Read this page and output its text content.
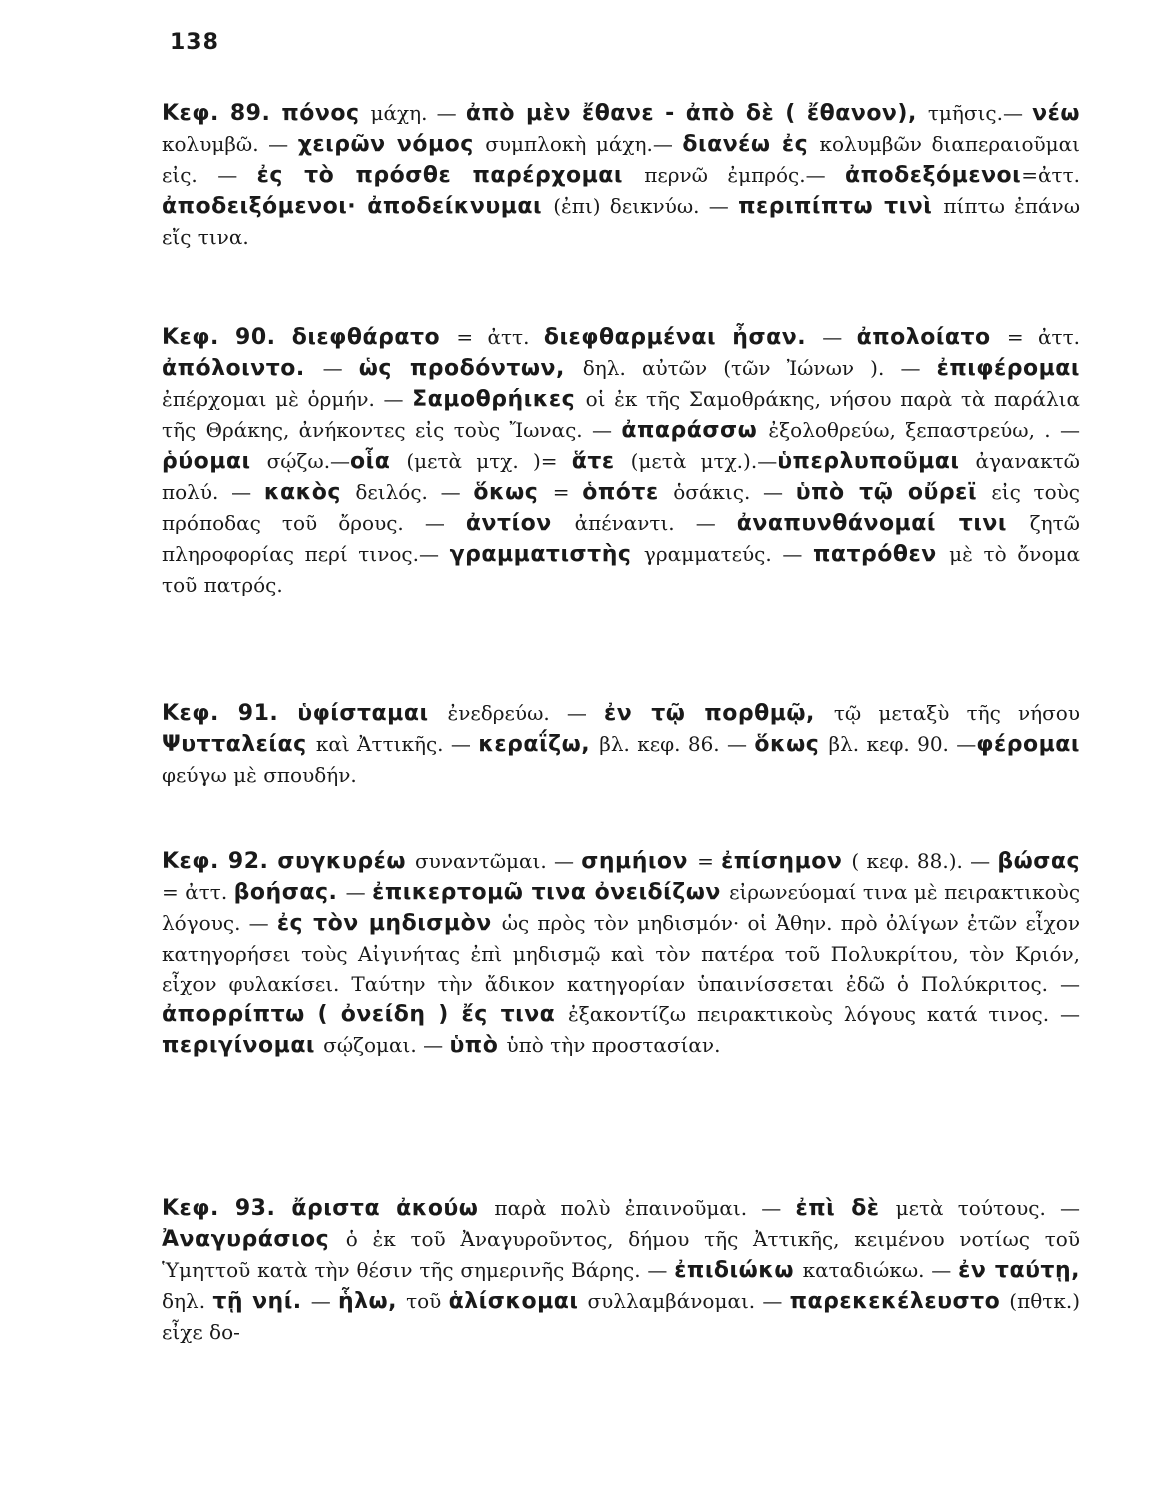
138
Κεφ. 89. πόνος μάχη. — ἀπὸ μὲν ἔθανε - ἀπὸ δὲ ( ἔθανον), τμῆσις.— νέω κολυμβῶ. — χειρῶν νόμος συμπλοκὴ μάχη.— διανέω ἐς κολυμβῶν διαπεραιοῦμαι εἰς. — ἐς τὸ πρόσθε παρέρχομαι περνῶ ἐμπρός.— ἀποδεξόμενοι=ἀττ. ἀποδειξόμενοι· ἀποδείκνυμαι (ἐπι) δεικνύω. — περιπίπτω τινὶ πίπτω ἐπάνω εἴς τινα.
Κεφ. 90. διεφθάρατο = ἀττ. διεφθαρμέναι ἦσαν. — ἀπολοίατο = ἀττ. ἀπόλοιντο. — ὡς προδόντων, δηλ. αὐτῶν (τῶν Ἰώνων ). — ἐπιφέρομαι ἐπέρχομαι μὲ ὁρμήν. — Σαμοθρήικες οἱ ἐκ τῆς Σαμοθράκης, νήσου παρὰ τὰ παράλια τῆς Θράκης, ἀνήκοντες εἰς τοὺς Ἴωνας. — ἀπαράσσω ἐξολοθρεύω, ξεπαστρεύω, . — ῥύομαι σῴζω.—οἷα (μετὰ μτχ. )= ἅτε (μετὰ μτχ.).—ὑπερλυποῦμαι ἀγανακτῶ πολύ. — κακὸς δειλός. — ὅκως = ὁπότε ὁσάκις. — ὑπὸ τῷ οὔρεϊ εἰς τοὺς πρόποδας τοῦ ὄρους. — ἀντίον ἀπέναντι. — ἀναπυνθάνομαί τινι ζητῶ πληροφορίας περί τινος.— γραμματιστὴς γραμματεύς. — πατρόθεν μὲ τὸ ὄνομα τοῦ πατρός.
Κεφ. 91. ὑφίσταμαι ἐνεδρεύω. — ἐν τῷ πορθμῷ, τῷ μεταξὺ τῆς νήσου Ψυτταλείας καὶ Ἀττικῆς. — κεραΐζω, βλ. κεφ. 86. — ὅκως βλ. κεφ. 90. —φέρομαι φεύγω μὲ σπουδήν.
Κεφ. 92. συγκυρέω συναντῶμαι. — σημήιον = ἐπίσημον ( κεφ. 88.). — βώσας = ἀττ. βοήσας. — ἐπικερτομῶ τινα ὀνειδίζων εἰρωνεύομαί τινα μὲ πειρακτικοὺς λόγους. — ἐς τὸν μηδισμὸν ὡς πρὸς τὸν μηδισμόν· οἱ Ἀθην. πρὸ ὀλίγων ἐτῶν εἶχον κατηγορήσει τοὺς Αἰγινήτας ἐπὶ μηδισμῷ καὶ τὸν πατέρα τοῦ Πολυκρίτου, τὸν Κριόν, εἶχον φυλακίσει. Ταύτην τὴν ἄδικον κατηγορίαν ὑπαινίσσεται ἐδῶ ὁ Πολύκριτος. — ἀπορρίπτω ( ὀνείδη ) ἔς τινα ἐξακοντίζω πειρακτικοὺς λόγους κατά τινος. — περιγίνομαι σῴζομαι. — ὑπὸ ὑπὸ τὴν προστασίαν.
Κεφ. 93. ἄριστα ἀκούω παρὰ πολὺ ἐπαινοῦμαι. — ἐπὶ δὲ μετὰ τούτους. — Ἀναγυράσιος ὁ ἐκ τοῦ Ἀναγυροῦντος, δήμου τῆς Ἀττικῆς, κειμένου νοτίως τοῦ Ὑμηττοῦ κατὰ τὴν θέσιν τῆς σημερινῆς Βάρης. — ἐπιδιώκω καταδιώκω. — ἐν ταύτῃ, δηλ. τῇ νηί. — ἧλω, τοῦ ἁλίσκομαι συλλαμβάνομαι. — παρεκεκέλευστο (πθτκ.) εἶχε δο-
